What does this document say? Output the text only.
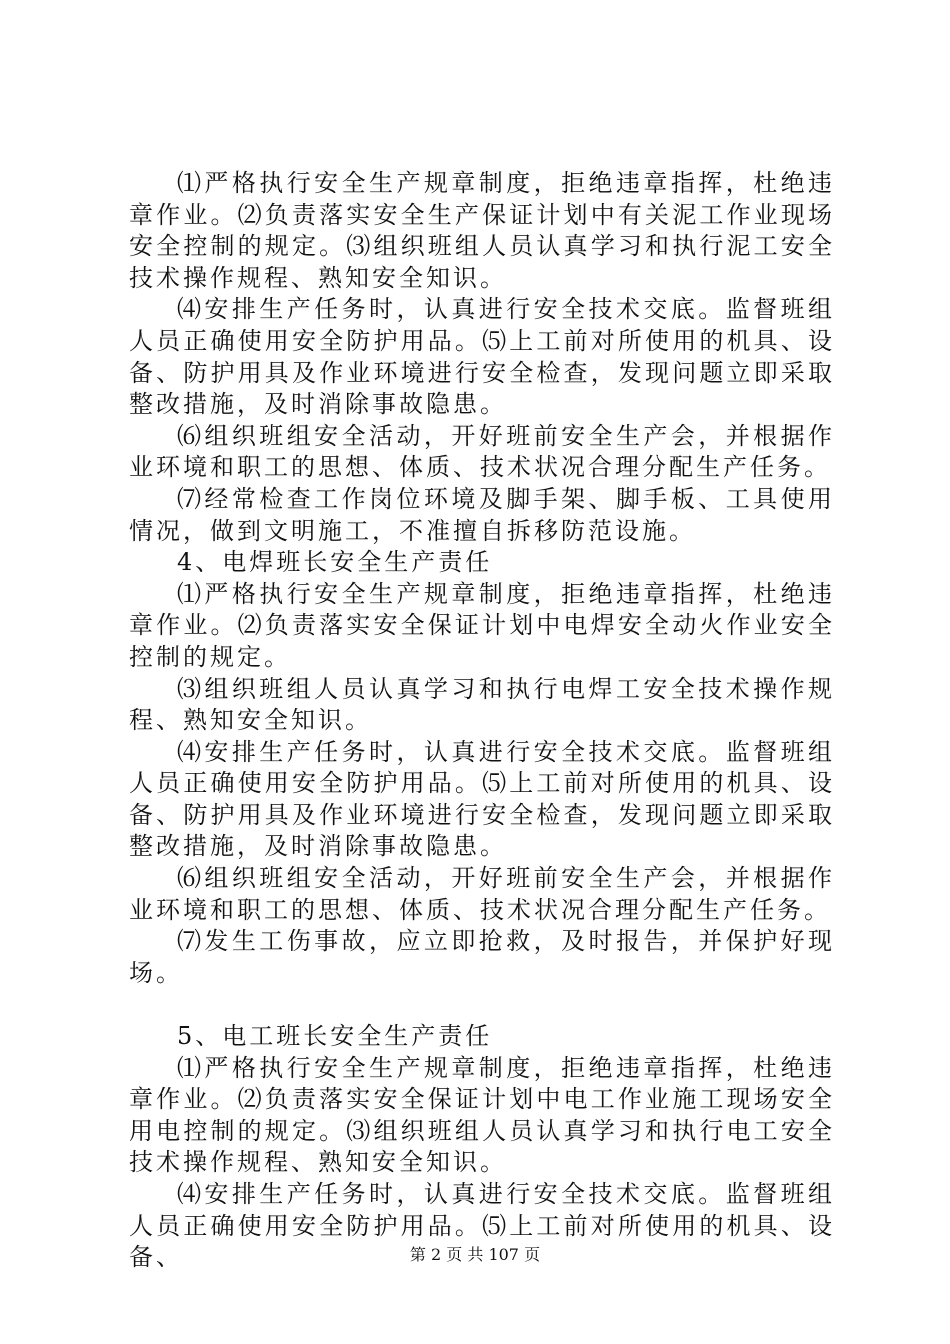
⑴严格执行安全生产规章制度，拒绝违章指挥，杜绝违章作业。⑵负责落实安全生产保证计划中有关泥工作业现场安全控制的规定。⑶组织班组人员认真学习和执行泥工安全技术操作规程、熟知安全知识。

⑷安排生产任务时，认真进行安全技术交底。监督班组人员正确使用安全防护用品。⑸上工前对所使用的机具、设备、防护用具及作业环境进行安全检查，发现问题立即采取整改措施，及时消除事故隐患。

⑹组织班组安全活动，开好班前安全生产会，并根据作业环境和职工的思想、体质、技术状况合理分配生产任务。

⑺经常检查工作岗位环境及脚手架、脚手板、工具使用情况，做到文明施工，不准擅自拆移防范设施。

4、电焊班长安全生产责任

⑴严格执行安全生产规章制度，拒绝违章指挥，杜绝违章作业。⑵负责落实安全保证计划中电焊安全动火作业安全控制的规定。

⑶组织班组人员认真学习和执行电焊工安全技术操作规程、熟知安全知识。

⑷安排生产任务时，认真进行安全技术交底。监督班组人员正确使用安全防护用品。⑸上工前对所使用的机具、设备、防护用具及作业环境进行安全检查，发现问题立即采取整改措施，及时消除事故隐患。

⑹组织班组安全活动，开好班前安全生产会，并根据作业环境和职工的思想、体质、技术状况合理分配生产任务。

⑺发生工伤事故，应立即抢救，及时报告，并保护好现场。

5、电工班长安全生产责任

⑴严格执行安全生产规章制度，拒绝违章指挥，杜绝违章作业。⑵负责落实安全保证计划中电工作业施工现场安全用电控制的规定。⑶组织班组人员认真学习和执行电工安全技术操作规程、熟知安全知识。

⑷安排生产任务时，认真进行安全技术交底。监督班组人员正确使用安全防护用品。⑸上工前对所使用的机具、设备、	第 2 页 共 107 页
